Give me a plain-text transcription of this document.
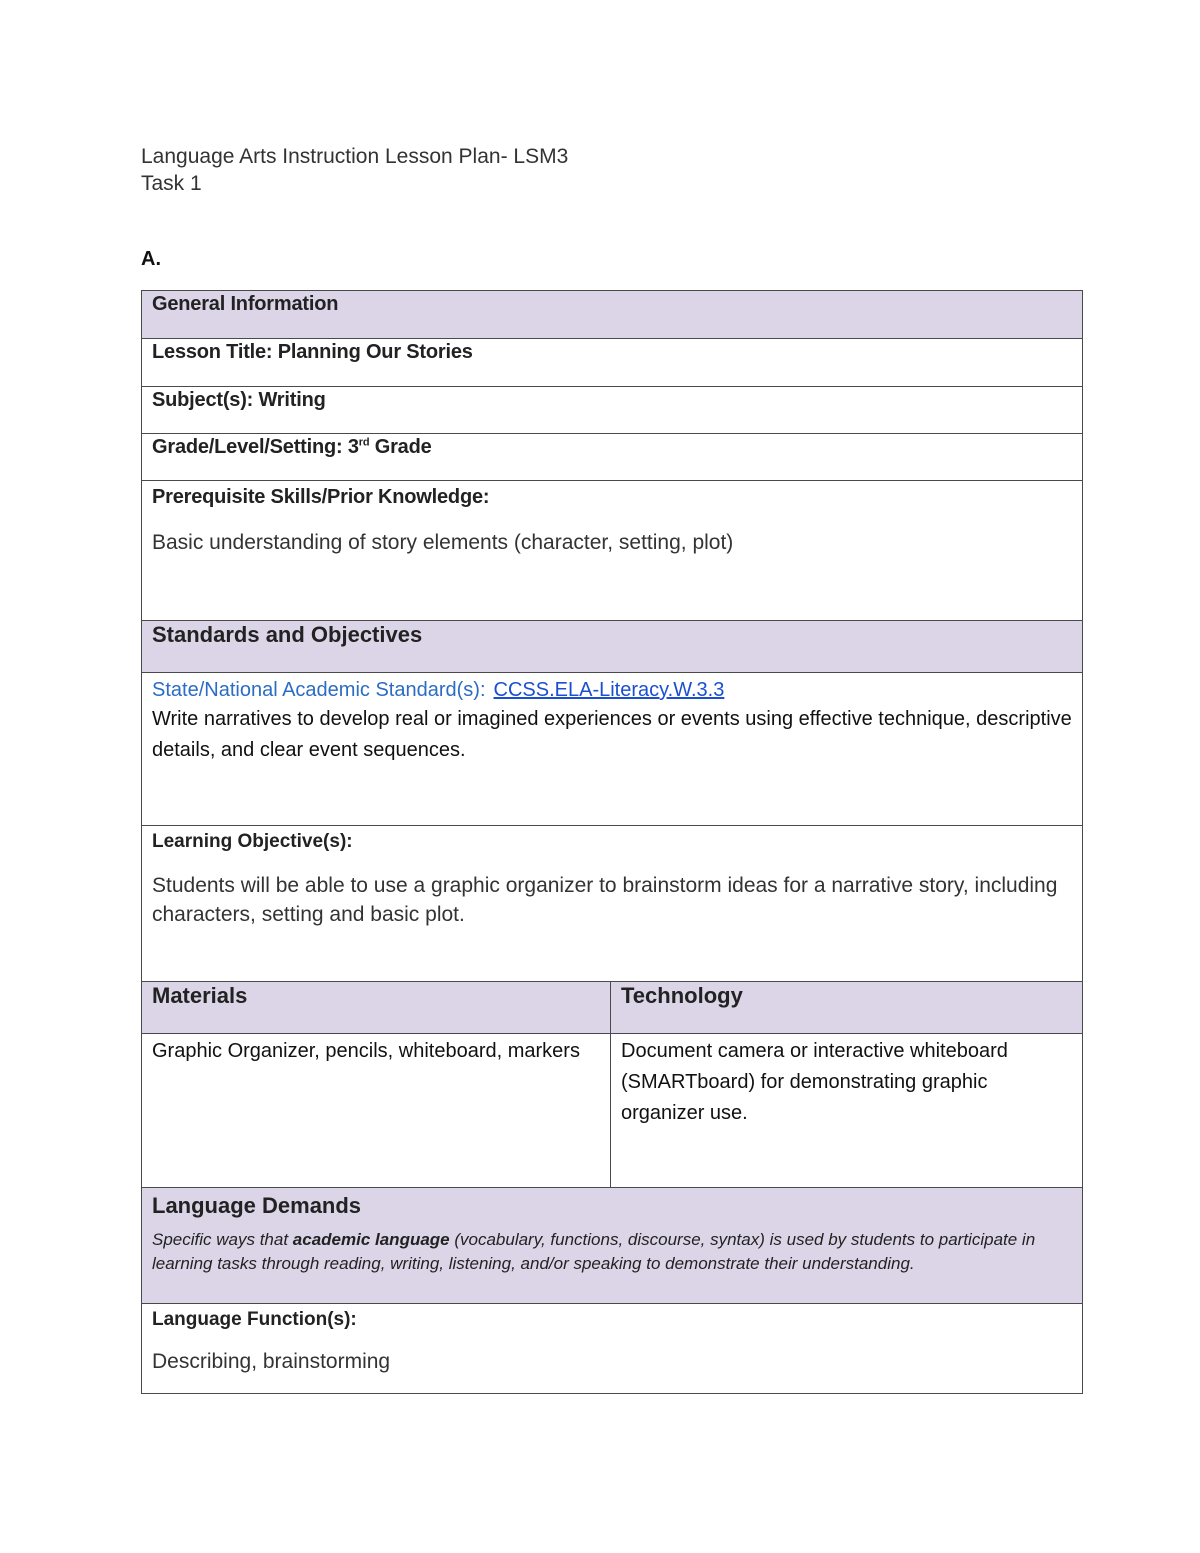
Language Arts Instruction Lesson Plan- LSM3
Task 1
A.
General Information	
Lesson Title: Planning Our Stories	
Subject(s): Writing	
Grade/Level/Setting: 3rd Grade	

Prerequisite Skills/Prior Knowledge:
Basic understanding of story elements (character, setting, plot)	

Standards and Objectives	

State/National Academic Standard(s): CCSS.ELA-Literacy.W.3.3
Write narratives to develop real or imagined experiences or events using effective technique, descriptive details, and clear event sequences.	

Learning Objective(s):
Students will be able to use a graphic organizer to brainstorm ideas for a narrative story, including characters, setting and basic plot.	

Materials	Technology
Graphic Organizer, pencils, whiteboard, markers	Document camera or interactive whiteboard (SMARTboard) for demonstrating graphic organizer use.

Language Demands
Specific ways that academic language (vocabulary, functions, discourse, syntax) is used by students to participate in learning tasks through reading, writing, listening, and/or speaking to demonstrate their understanding.	

Language Function(s):
Describing, brainstorming	
